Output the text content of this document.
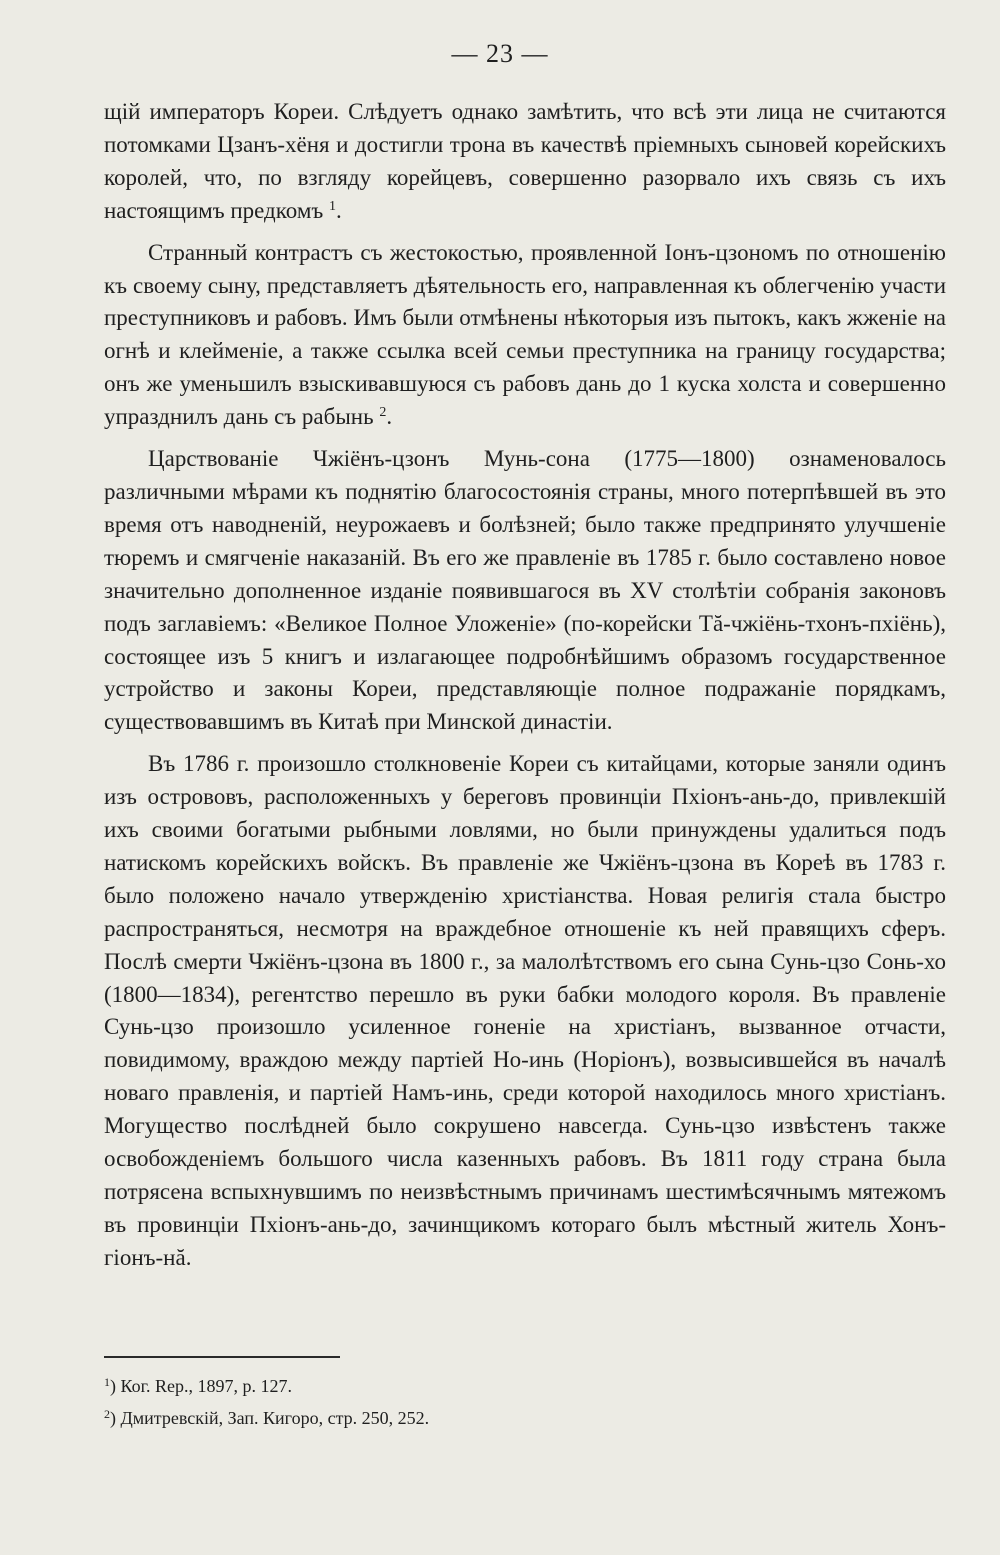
— 23 —

щій императоръ Кореи. Слѣдуетъ однако замѣтить, что всѣ эти лица не считаются потомками Цзанъ-хёня и достигли трона въ качествѣ пріемныхъ сыновей корейскихъ королей, что, по взгляду корейцевъ, совершенно разорвало ихъ связь съ ихъ настоящимъ предкомъ $^1$.

Странный контрастъ съ жестокостью, проявленной Іонъ-цзономъ по отношенію къ своему сыну, представляетъ дѣятельность его, направленная къ облегченію участи преступниковъ и рабовъ. Имъ были отмѣнены нѣкоторыя изъ пытокъ, какъ жженіе на огнѣ и клейменіе, а также ссылка всей семьи преступника на границу государства; онъ же уменьшилъ взыскивавшуюся съ рабовъ дань до 1 куска холста и совершенно упразднилъ дань съ рабынь $^2$.

Царствованіе Чжіёнъ-цзонъ Мунь-сона (1775—1800) ознаменовалось различными мѣрами къ поднятію благосостоянія страны, много потерпѣвшей въ это время отъ наводненій, неурожаевъ и болѣзней; было также предпринято улучшеніе тюремъ и смягченіе наказаній. Въ его же правленіе въ 1785 г. было составлено новое значительно дополненное изданіе появившагося въ XV столѣтіи собранія законовъ подъ заглавіемъ: «Великое Полное Уложеніе» (по-корейски Тă-чжіёнь-тхонъ-пхіёнь), состоящее изъ 5 книгъ и излагающее подробнѣйшимъ образомъ государственное устройство и законы Кореи, представляющіе полное подражаніе порядкамъ, существовавшимъ въ Китаѣ при Минской династіи.

Въ 1786 г. произошло столкновеніе Кореи съ китайцами, которые заняли одинъ изъ острововъ, расположенныхъ у береговъ провинціи Пхіонъ-ань-до, привлекшій ихъ своими богатыми рыбными ловлями, но были принуждены удалиться подъ натискомъ корейскихъ войскъ. Въ правленіе же Чжіёнъ-цзона въ Кореѣ въ 1783 г. было положено начало утвержденію христіанства. Новая религія стала быстро распространяться, несмотря на враждебное отношеніе къ ней правящихъ сферъ. Послѣ смерти Чжіёнъ-цзона въ 1800 г., за малолѣтствомъ его сына Сунь-цзо Сонь-хо (1800—1834), регентство перешло въ руки бабки молодого короля. Въ правленіе Сунь-цзо произошло усиленное гоненіе на христіанъ, вызванное отчасти, повидимому, враждою между партіей Но-инь (Норіонъ), возвысившейся въ началѣ новаго правленія, и партіей Намъ-инь, среди которой находилось много христіанъ. Могущество послѣдней было сокрушено навсегда. Сунь-цзо извѣстенъ также освобожденіемъ большого числа казенныхъ рабовъ. Въ 1811 году страна была потрясена вспыхнувшимъ по неизвѣстнымъ причинамъ шестимѣсячнымъ мятежомъ въ провинціи Пхіонъ-ань-до, зачинщикомъ котораго былъ мѣстный житель Хонъ-гіонъ-нă.

$^1$) Ког. Rер., 1897, р. 127.
$^2$) Дмитревскій, Зап. Кигоро, стр. 250, 252.
